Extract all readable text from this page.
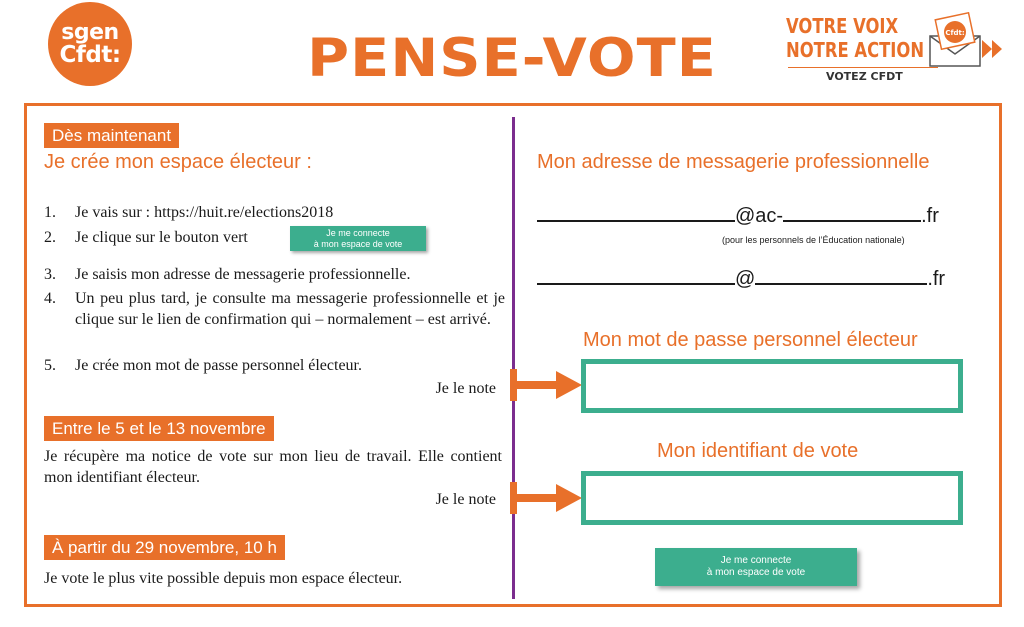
sgen
Cfdt:	PENSE-VOTE
VOTRE VOIX
NOTRE ACTION
VOTEZ CFDT
Cfdt:
Dès maintenant
Je crée mon espace électeur :
1. Je vais sur : https://huit.re/elections2018
2. Je clique sur le bouton vert
3. Je saisis mon adresse de messagerie professionnelle.
4. Un peu plus tard, je consulte ma messagerie professionnelle et je clique sur le lien de confirmation qui – normalement – est arrivé.
5. Je crée mon mot de passe personnel électeur.
Je me connecte
à mon espace de vote
Je le note
Entre le 5 et le 13 novembre
Je récupère ma notice de vote sur mon lieu de travail. Elle contient mon identifiant électeur.
Je le note
À partir du 29 novembre, 10 h
Je vote le plus vite possible depuis mon espace électeur.
Mon adresse de messagerie professionnelle
@ac-	.fr
(pour les personnels de l’Éducation nationale)
@	.fr
Mon mot de passe personnel électeur
Mon identifiant de vote
Je me connecte
à mon espace de vote
